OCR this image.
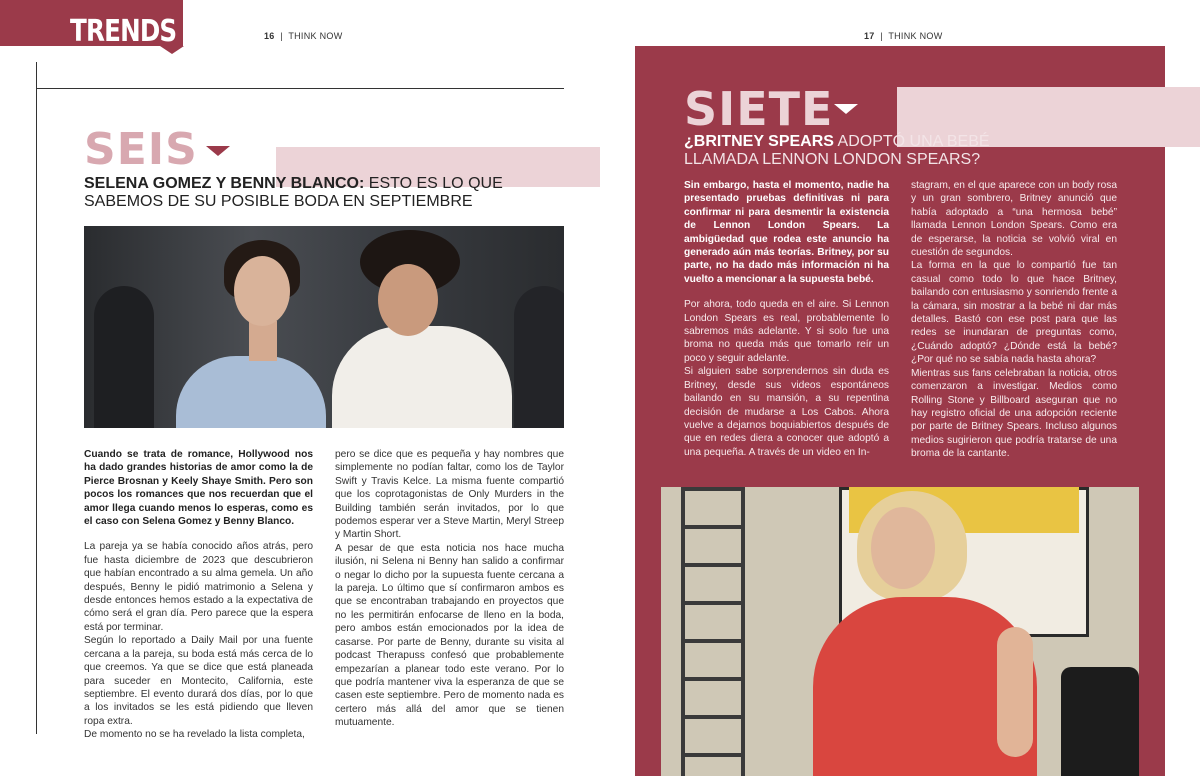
TRENDS	16  |  THINK NOW
SEIS
SELENA GOMEZ Y BENNY BLANCO: ESTO ES LO QUE SABEMOS DE SU POSIBLE BODA EN SEPTIEMBRE

Cuando se trata de romance, Hollywood nos ha dado grandes historias de amor como la de Pierce Brosnan y Keely Shaye Smith. Pero son pocos los romances que nos recuerdan que el amor llega cuando menos lo esperas, como es el caso con Selena Gomez y Benny Blanco.

La pareja ya se había conocido años atrás, pero fue hasta diciembre de 2023 que descubrieron que habían encontrado a su alma gemela. Un año después, Benny le pidió matrimonio a Selena y desde entonces hemos estado a la expectativa de cómo será el gran día. Pero parece que la espera está por terminar.

Según lo reportado a Daily Mail por una fuente cercana a la pareja, su boda está más cerca de lo que creemos. Ya que se dice que está planeada para suceder en Montecito, California, este septiembre. El evento durará dos días, por lo que a los invitados se les está pidiendo que lleven ropa extra.

De momento no se ha revelado la lista completa,

pero se dice que es pequeña y hay nombres que simplemente no podían faltar, como los de Taylor Swift y Travis Kelce. La misma fuente compartió que los coprotagonistas de Only Murders in the Building también serán invitados, por lo que podemos esperar ver a Steve Martin, Meryl Streep y Martin Short.

A pesar de que esta noticia nos hace mucha ilusión, ni Selena ni Benny han salido a confirmar o negar lo dicho por la supuesta fuente cercana a la pareja. Lo último que sí confirmaron ambos es que se encontraban trabajando en proyectos que no les permitirán enfocarse de lleno en la boda, pero ambos están emocionados por la idea de casarse. Por parte de Benny, durante su visita al podcast Therapuss confesó que probablemente empezarían a planear todo este verano. Por lo que podría mantener viva la esperanza de que se casen este septiembre. Pero de momento nada es certero más allá del amor que se tienen mutuamente.

17  |  THINK NOW
SIETE
¿BRITNEY SPEARS ADOPTÓ UNA BEBÉ LLAMADA LENNON LONDON SPEARS?

Sin embargo, hasta el momento, nadie ha presentado pruebas definitivas ni para confirmar ni para desmentir la existencia de Lennon London Spears. La ambigüedad que rodea este anuncio ha generado aún más teorías. Britney, por su parte, no ha dado más información ni ha vuelto a mencionar a la supuesta bebé.

Por ahora, todo queda en el aire. Si Lennon London Spears es real, probablemente lo sabremos más adelante. Y si solo fue una broma no queda más que tomarlo reír un poco y seguir adelante.

Si alguien sabe sorprendernos sin duda es Britney, desde sus videos espontáneos bailando en su mansión, a su repentina decisión de mudarse a Los Cabos. Ahora vuelve a dejarnos boquiabiertos después de que en redes diera a conocer que adoptó a una pequeña. A través de un video en In-

stagram, en el que aparece con un body rosa y un gran sombrero, Britney anunció que había adoptado a “una hermosa bebé” llamada Lennon London Spears. Como era de esperarse, la noticia se volvió viral en cuestión de segundos.

La forma en la que lo compartió fue tan casual como todo lo que hace Britney, bailando con entusiasmo y sonriendo frente a la cámara, sin mostrar a la bebé ni dar más detalles. Bastó con ese post para que las redes se inundaran de preguntas como, ¿Cuándo adoptó? ¿Dónde está la bebé? ¿Por qué no se sabía nada hasta ahora?

Mientras sus fans celebraban la noticia, otros comenzaron a investigar. Medios como Rolling Stone y Billboard aseguran que no hay registro oficial de una adopción reciente por parte de Britney Spears. Incluso algunos medios sugirieron que podría tratarse de una broma de la cantante.
